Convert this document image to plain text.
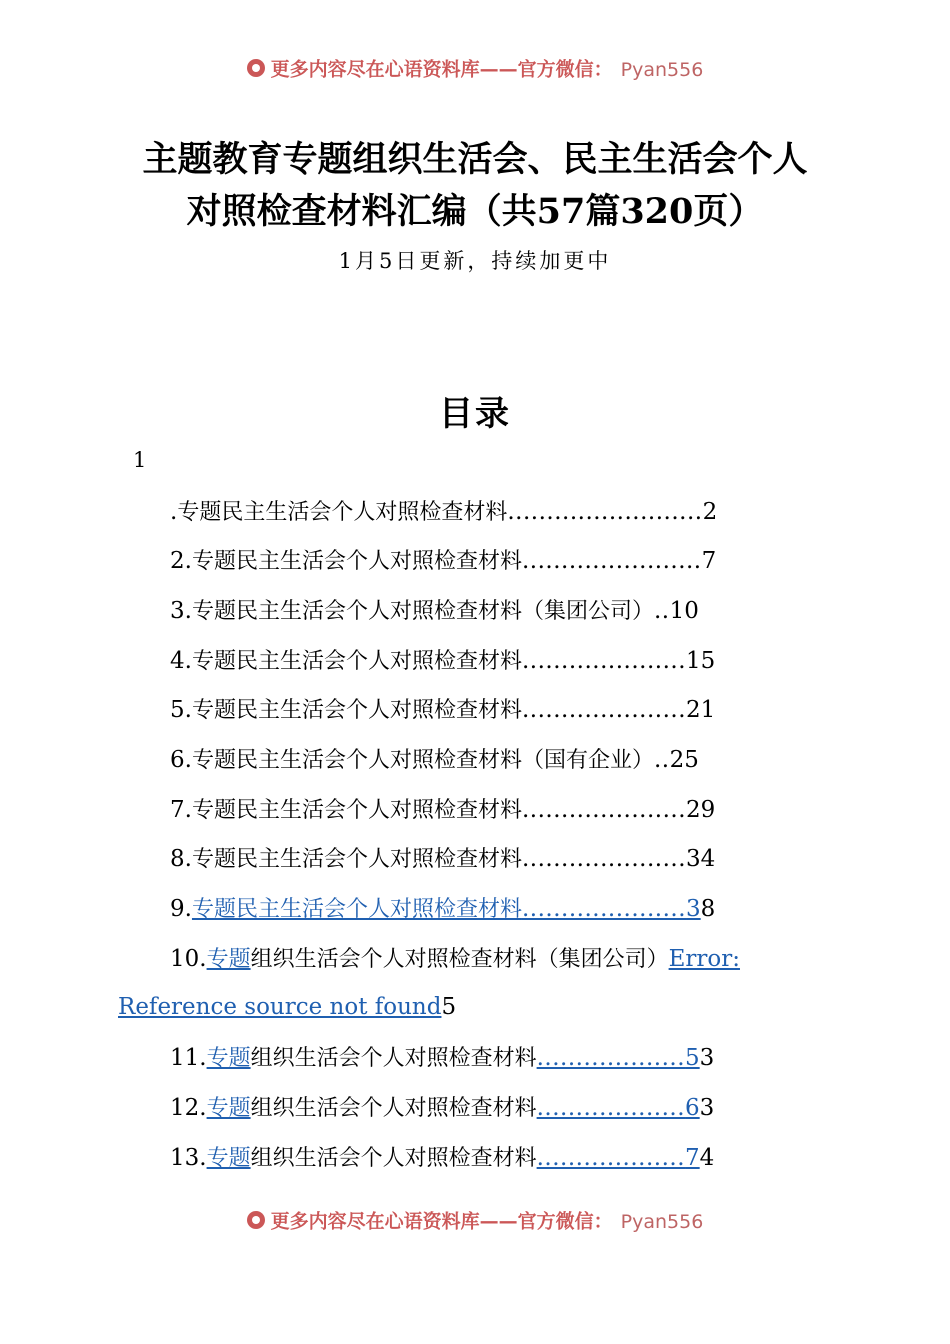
更多内容尽在心语资料库——官方微信： Pyan556
主题教育专题组织生活会、民主生活会个人
对照检查材料汇编（共57篇320页）
1月5日更新，持续加更中
目录
1
.专题民主生活会个人对照检查材料.........................2
2.专题民主生活会个人对照检查材料.......................7
3.专题民主生活会个人对照检查材料（集团公司）..10
4.专题民主生活会个人对照检查材料.....................15
5.专题民主生活会个人对照检查材料.....................21
6.专题民主生活会个人对照检查材料（国有企业）..25
7.专题民主生活会个人对照检查材料.....................29
8.专题民主生活会个人对照检查材料.....................34
9.专题民主生活会个人对照检查材料.....................38
10.专题组织生活会个人对照检查材料（集团公司）Error:
Reference source not found5
11.专题组织生活会个人对照检查材料...................53
12.专题组织生活会个人对照检查材料...................63
13.专题组织生活会个人对照检查材料...................74
更多内容尽在心语资料库——官方微信： Pyan556
